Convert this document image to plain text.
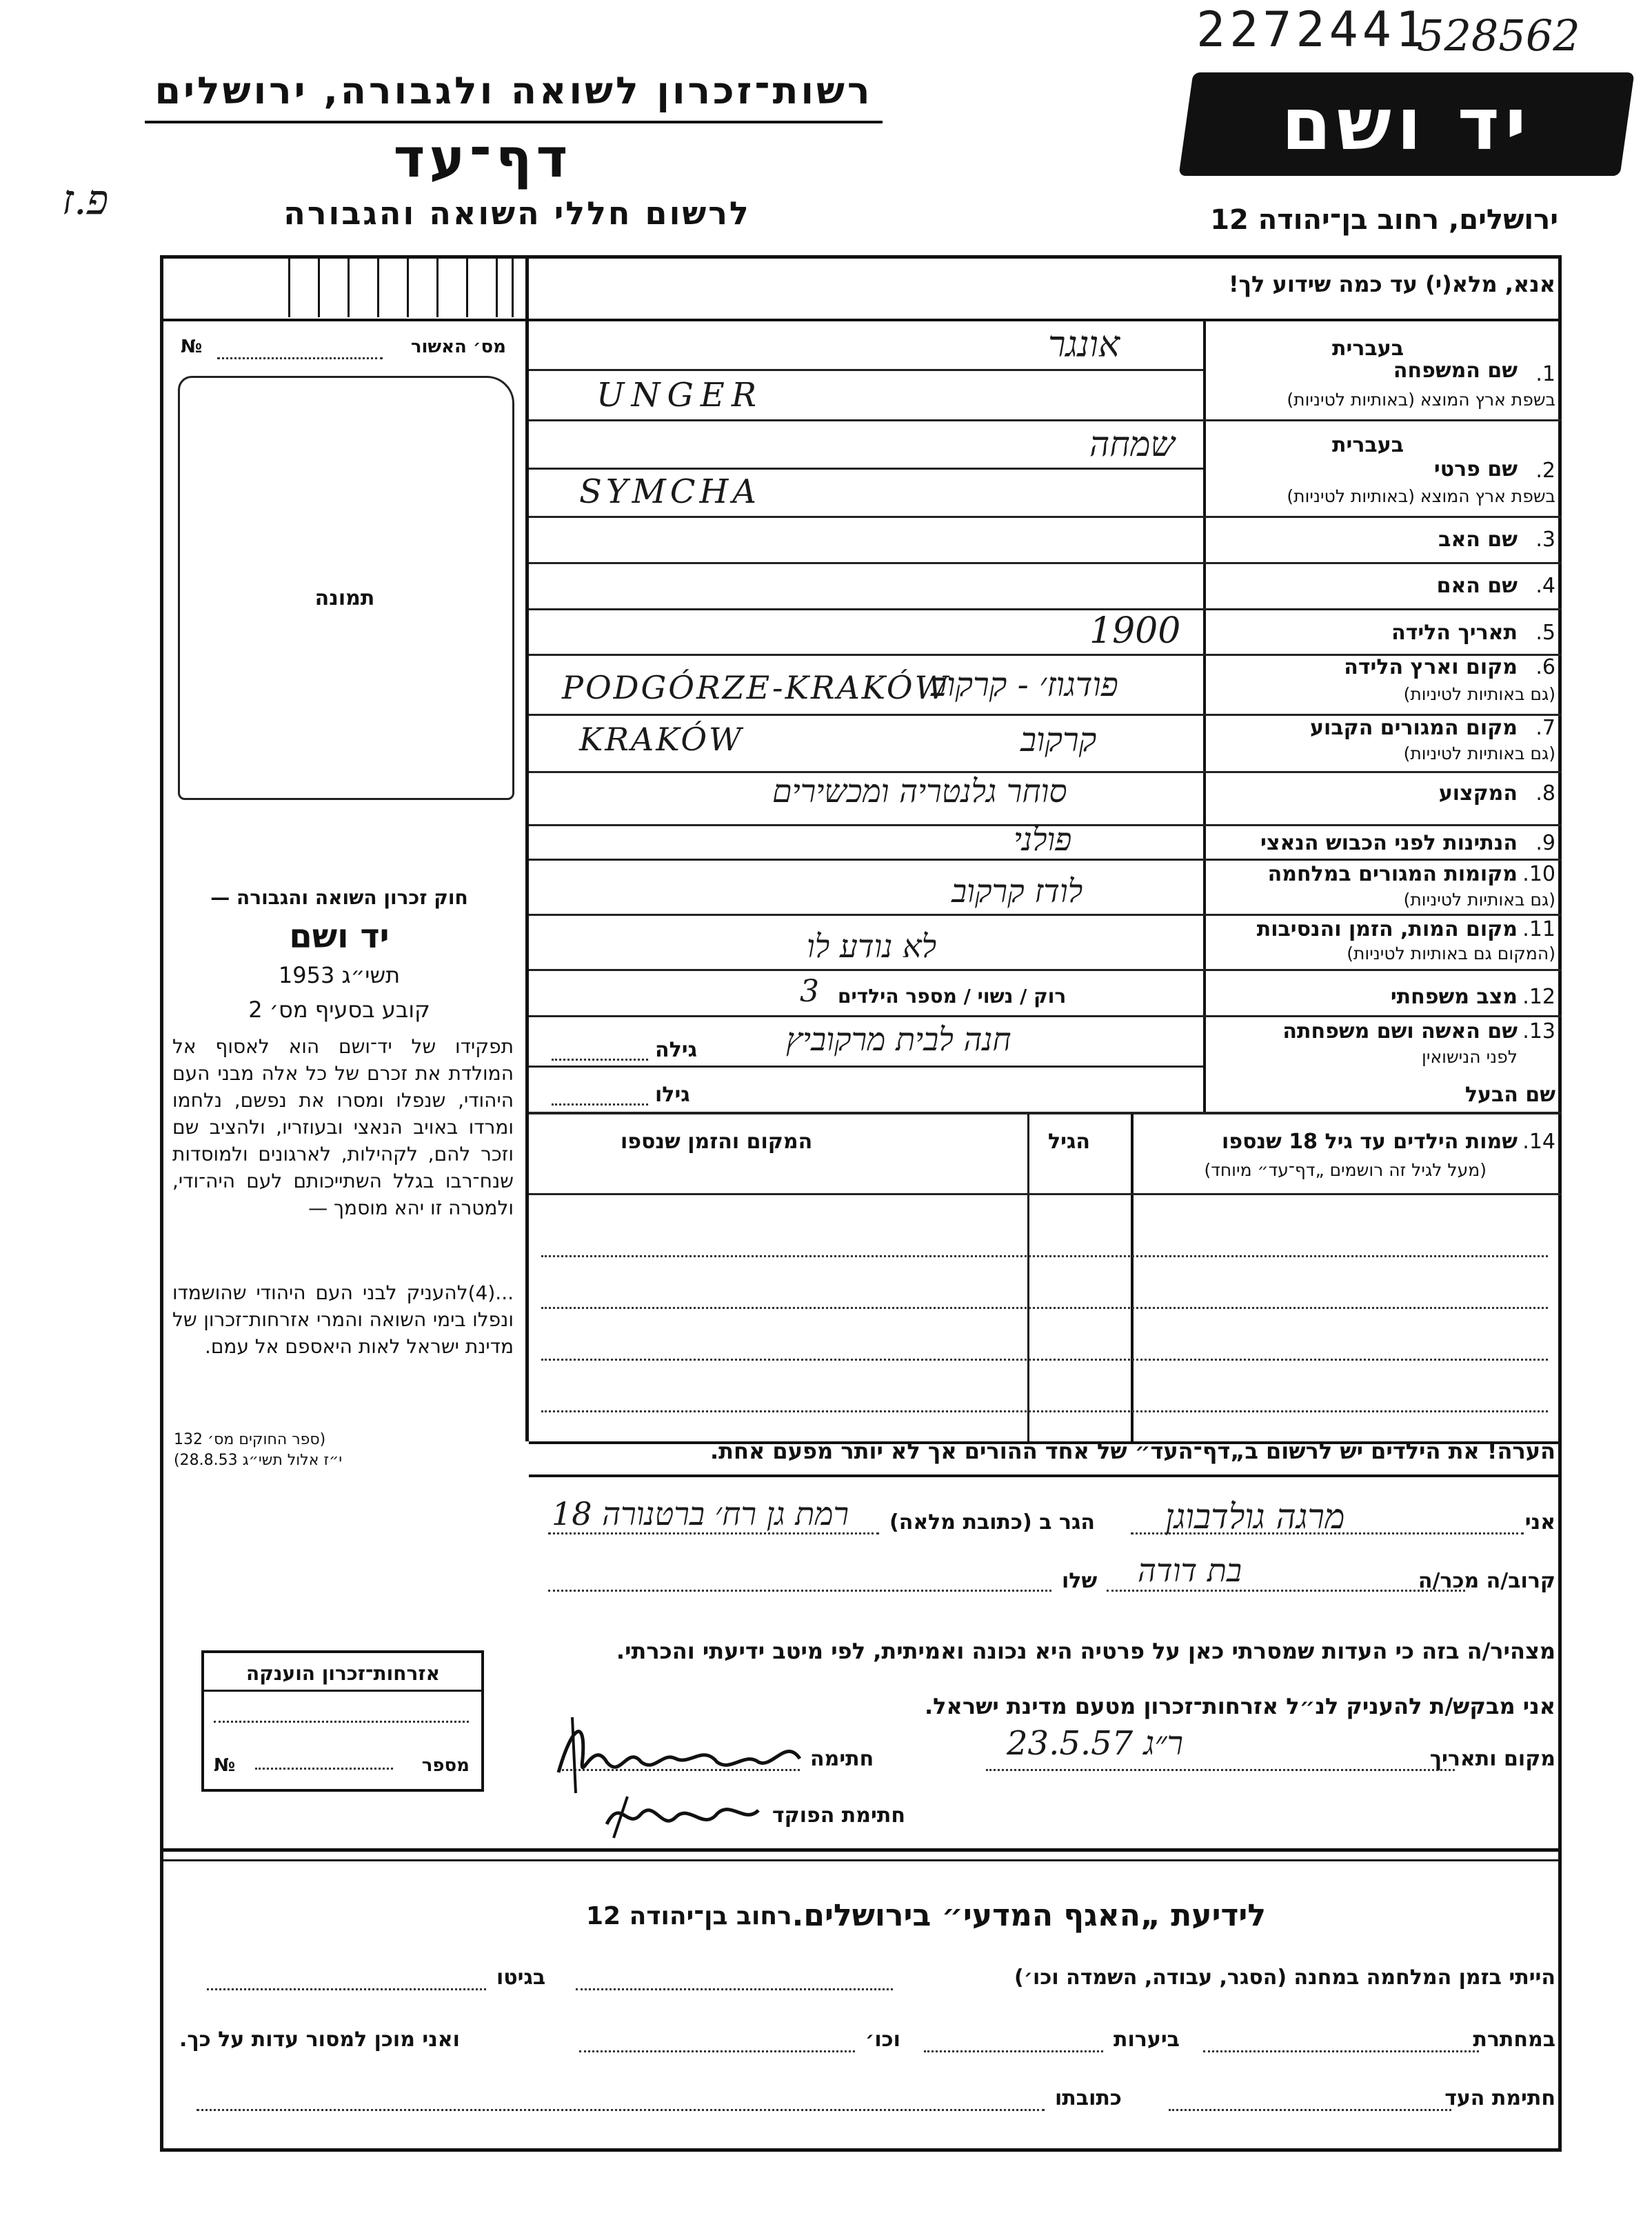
2272441
528562
רשות־זכרון לשואה ולגבורה, ירושלים
דף־עד
לרשום חללי השואה והגבורה
פ.ז
יד ושם
ירושלים, רחוב בן־יהודה 12
אנא, מלא(י) עד כמה שידוע לך!
מס׳ האשור
№
תמונה
חוק זכרון השואה והגבורה —
יד ושם
תשי״ג 1953
קובע בסעיף מס׳ 2
תפקידו של יד־ושם הוא לאסוף אל המולדת את זכרם של כל אלה מבני העם היהודי, שנפלו ומסרו את נפשם, נלחמו ומרדו באויב הנאצי ובעוזריו, ולהציב שם וזכר להם, לקהילות, לארגונים ולמוסדות שנח־רבו בגלל השתייכותם לעם היה־ודי, ולמטרה זו יהא מוסמך —
...(4)להעניק לבני העם היהודי שהושמדו ונפלו בימי השואה והמרי אזרחות־זכרון של מדינת ישראל לאות היאספם אל עמם.
(ספר החוקים מס׳ 132
י״ז אלול תשי״ג 28.8.53)
אזרחות־זכרון הוענקה
מספר
№
בעברית
1.
שם המשפחה
בשפת ארץ המוצא (באותיות לטיניות)
אונגר
UNGER
בעברית
2.
שם פרטי
בשפת ארץ המוצא (באותיות לטיניות)
שמחה
SYMCHA
3.
שם האב
4.
שם האם
5.
תאריך הלידה
1900
6.
מקום וארץ הלידה
(גם באותיות לטיניות)
PODGÓRZE-KRAKÓW
פודגוז׳ - קרקוב
7.
מקום המגורים הקבוע
(גם באותיות לטיניות)
KRAKÓW	קרקוב
8.
המקצוע
סוחר גלנטריה ומכשירים
9.
הנתינות לפני הכבוש הנאצי
פולני
10.
מקומות המגורים במלחמה
(גם באותיות לטיניות)
לודז קרקוב
11.
מקום המות, הזמן והנסיבות
(המקום גם באותיות לטיניות)
לא נודע לו
12.
מצב משפחתי
רוק / נשוי / מספר הילדים
3
13.
שם האשה ושם משפחתה
לפני הנישואין
חנה לבית מרקוביץ
גילה
שם הבעל
גילו
14.
שמות הילדים עד גיל 18 שנספו
(מעל לגיל זה רושמים „דף־עד״ מיוחד)
הגיל
המקום והזמן שנספו
הערה! את הילדים יש לרשום ב„דף־העד״ של אחד ההורים אך לא יותר מפעם אחת.
אני
מרגה גולדבוגן
הגר ב (כתובת מלאה)
רמת גן רח׳ ברטנורה 18
קרוב/ה מכר/ה
בת דודה
שלו
מצהיר/ה בזה כי העדות שמסרתי כאן על פרטיה היא נכונה ואמיתית, לפי מיטב ידיעתי והכרתי.
אני מבקש/ת להעניק לנ״ל אזרחות־זכרון מטעם מדינת ישראל.
מקום ותאריך
ר״ג 23.5.57
חתימה
חתימת הפוקד
לידיעת „האגף המדעי״ בירושלים.
רחוב בן־יהודה 12
הייתי בזמן המלחמה במחנה (הסגר, עבודה, השמדה וכו׳)
בגיטו
במחתרת
ביערות
וכו׳
ואני מוכן למסור עדות על כך.
חתימת העד
כתובתו
